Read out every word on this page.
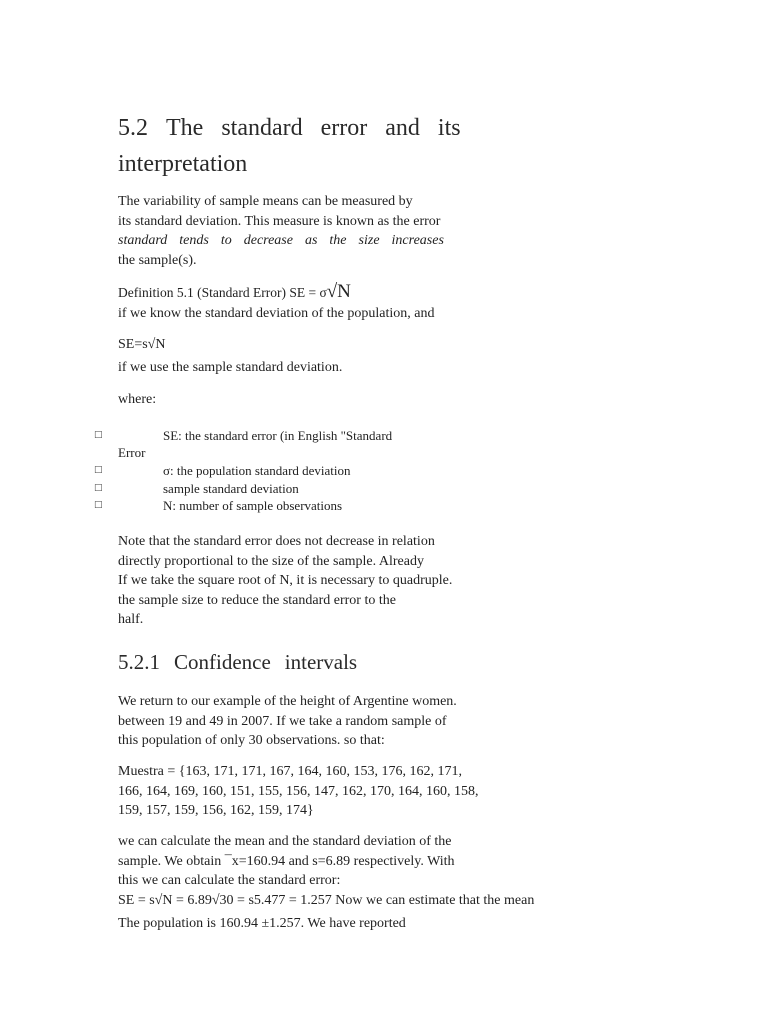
5.2 The standard error and its
interpretation
The variability of sample means can be measured by
its standard deviation. This measure is known as the error
standard tends to decrease as the size increases
the sample(s).
Definition 5.1 (Standard Error) SE = σ√N
if we know the standard deviation of the population, and
SE=s√N
if we use the sample standard deviation.
where:
□	SE: the standard error (in English "Standard
Error
□	σ: the population standard deviation
□	sample standard deviation
□	N: number of sample observations
Note that the standard error does not decrease in relation
directly proportional to the size of the sample. Already
If we take the square root of N, it is necessary to quadruple.
the sample size to reduce the standard error to the
half.
5.2.1 Confidence intervals
We return to our example of the height of Argentine women.
between 19 and 49 in 2007. If we take a random sample of
this population of only 30 observations. so that:
Muestra = {163, 171, 171, 167, 164, 160, 153, 176, 162, 171,
166, 164, 169, 160, 151, 155, 156, 147, 162, 170, 164, 160, 158,
159, 157, 159, 156, 162, 159, 174}
we can calculate the mean and the standard deviation of the
sample. We obtain ¯x=160.94 and s=6.89 respectively. With
this we can calculate the standard error:
SE = s√N = 6.89√30 = s5.477 = 1.257 Now we can estimate that the mean
The population is 160.94 ±1.257. We have reported
